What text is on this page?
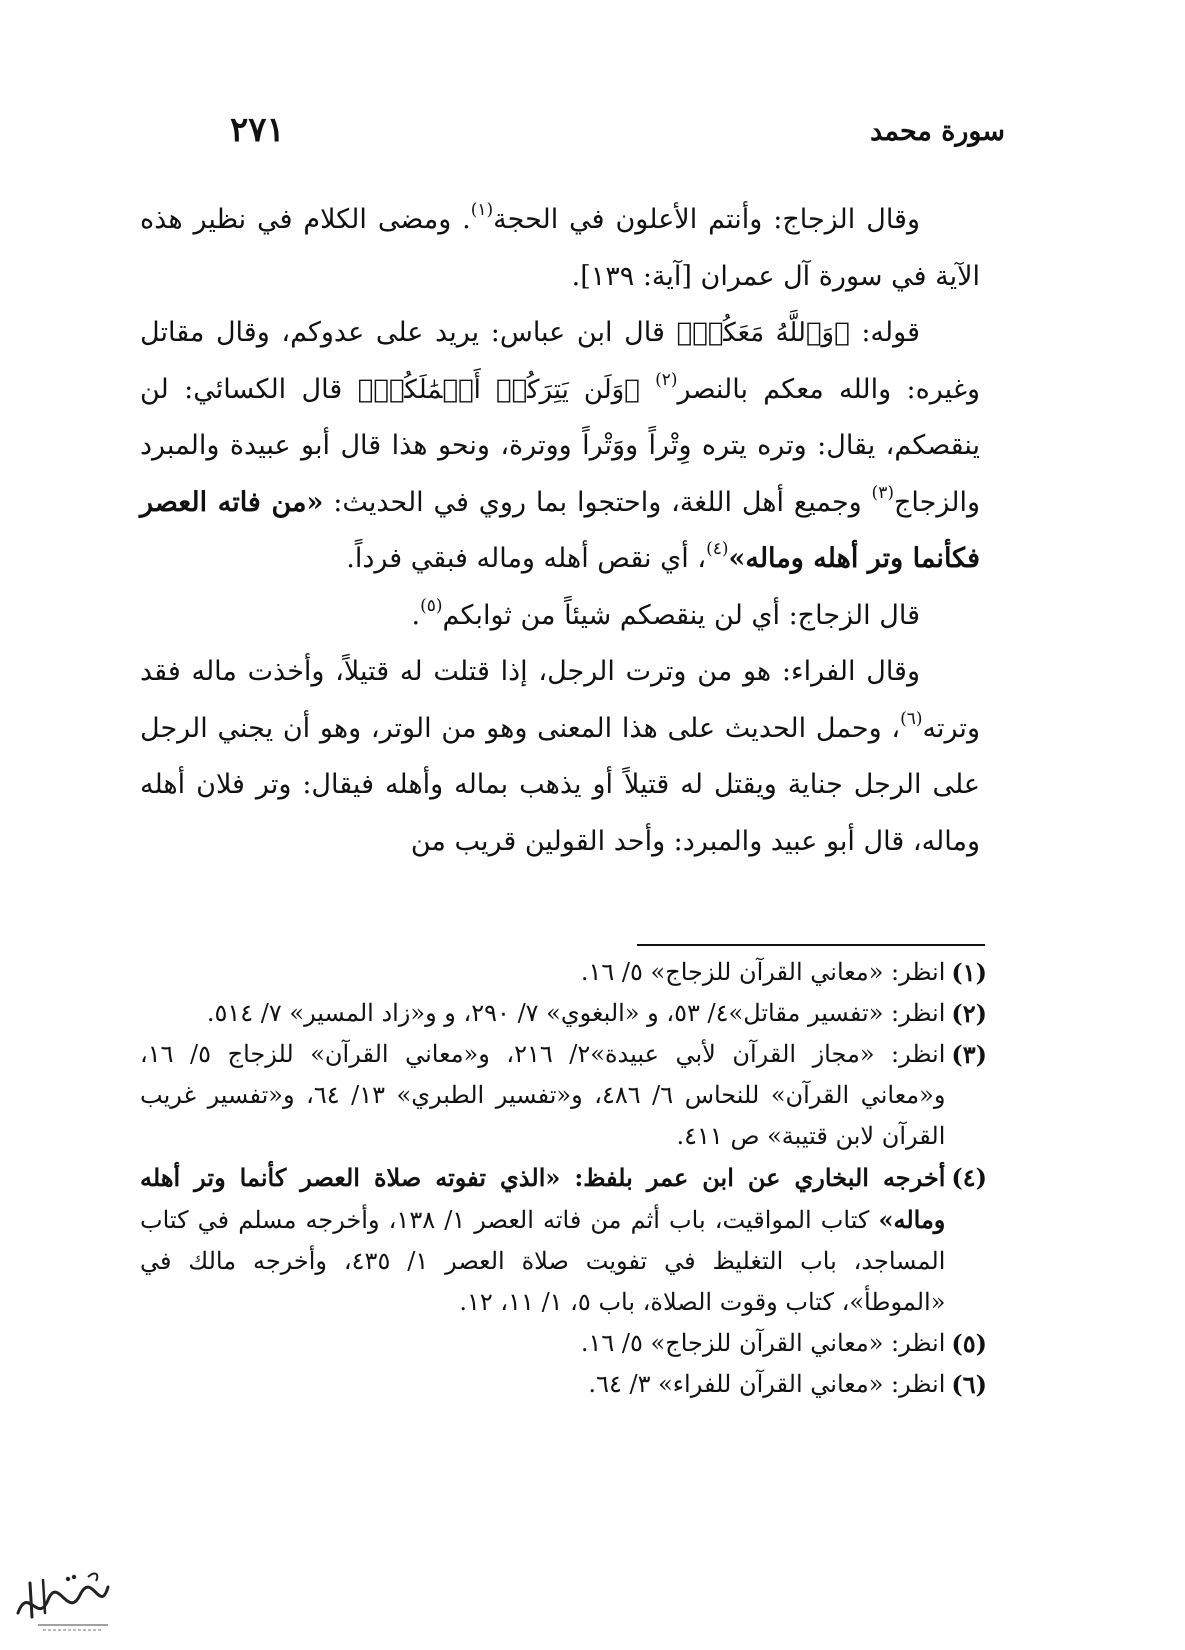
سورة محمد
٢٧١

وقال الزجاج: وأنتم الأعلون في الحجة$^{(١)}$. ومضى الكلام في نظير هذه الآية في سورة آل عمران [آية: ١٣٩].

قوله: ﴿وَٱللَّهُ مَعَكُمۡ﴾ قال ابن عباس: يريد على عدوكم، وقال مقاتل وغيره: والله معكم بالنصر$^{(٢)}$ ﴿وَلَن يَتِرَكُمۡ أَعۡمَٰلَكُمۡ﴾ قال الكسائي: لن ينقصكم، يقال: وتره يتره وِتْراً ووَتْراً ووترة، ونحو هذا قال أبو عبيدة والمبرد والزجاج$^{(٣)}$ وجميع أهل اللغة، واحتجوا بما روي في الحديث: «من فاته العصر فكأنما وتر أهله وماله»$^{(٤)}$، أي نقص أهله وماله فبقي فرداً.

قال الزجاج: أي لن ينقصكم شيئاً من ثوابكم$^{(٥)}$.

وقال الفراء: هو من وترت الرجل، إذا قتلت له قتيلاً، وأخذت ماله فقد وترته$^{(٦)}$، وحمل الحديث على هذا المعنى وهو من الوتر، وهو أن يجني الرجل على الرجل جناية ويقتل له قتيلاً أو يذهب بماله وأهله فيقال: وتر فلان أهله وماله، قال أبو عبيد والمبرد: وأحد القولين قريب من

(١)
انظر: «معاني القرآن للزجاج» ٥/ ١٦.
(٢)
انظر: «تفسير مقاتل»٤/ ٥٣، و «البغوي» ٧/ ٢٩٠، و و«زاد المسير» ٧/ ٥١٤.
(٣)
انظر: «مجاز القرآن لأبي عبيدة»٢/ ٢١٦، و«معاني القرآن» للزجاج ٥/ ١٦، و«معاني القرآن» للنحاس ٦/ ٤٨٦، و«تفسير الطبري» ١٣/ ٦٤، و«تفسير غريب القرآن لابن قتيبة» ص ٤١١.
(٤)
أخرجه البخاري عن ابن عمر بلفظ: «الذي تفوته صلاة العصر كأنما وتر أهله وماله» كتاب المواقيت، باب أثم من فاته العصر ١/ ١٣٨، وأخرجه مسلم في كتاب المساجد، باب التغليظ في تفويت صلاة العصر ١/ ٤٣٥، وأخرجه مالك في «الموطأ»، كتاب وقوت الصلاة، باب ٥، ١/ ١١، ١٢.
(٥)
انظر: «معاني القرآن للزجاج» ٥/ ١٦.
(٦)
انظر: «معاني القرآن للفراء» ٣/ ٦٤.
